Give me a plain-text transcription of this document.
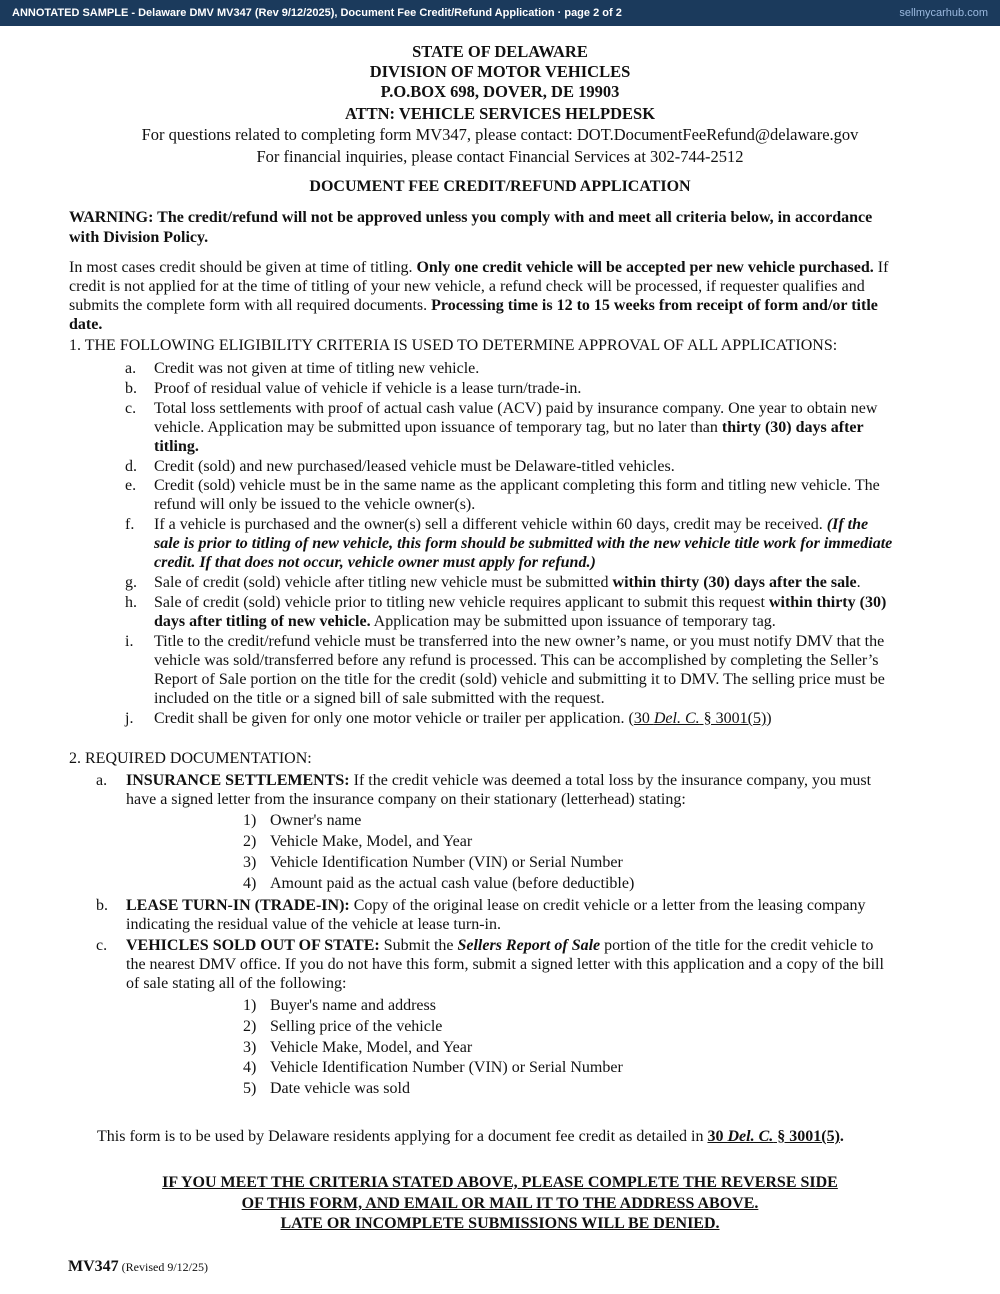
ANNOTATED SAMPLE - Delaware DMV MV347 (Rev 9/12/2025), Document Fee Credit/Refund Application · page 2 of 2	sellmycarhub.com
STATE OF DELAWARE
DIVISION OF MOTOR VEHICLES
P.O.BOX 698, DOVER, DE 19903
ATTN: VEHICLE SERVICES HELPDESK
For questions related to completing form MV347, please contact: DOT.DocumentFeeRefund@delaware.gov
For financial inquiries, please contact Financial Services at 302-744-2512
DOCUMENT FEE CREDIT/REFUND APPLICATION
WARNING: The credit/refund will not be approved unless you comply with and meet all criteria below, in accordance
with Division Policy.
In most cases credit should be given at time of titling. Only one credit vehicle will be accepted per new vehicle purchased. If
credit is not applied for at the time of titling of your new vehicle, a refund check will be processed, if requester qualifies and
submits the complete form with all required documents. Processing time is 12 to 15 weeks from receipt of form and/or title
date.
1. THE FOLLOWING ELIGIBILITY CRITERIA IS USED TO DETERMINE APPROVAL OF ALL APPLICATIONS:
a. Credit was not given at time of titling new vehicle.
b. Proof of residual value of vehicle if vehicle is a lease turn/trade-in.
c. Total loss settlements with proof of actual cash value (ACV) paid by insurance company. One year to obtain new
vehicle. Application may be submitted upon issuance of temporary tag, but no later than thirty (30) days after
titling.
d. Credit (sold) and new purchased/leased vehicle must be Delaware-titled vehicles.
e. Credit (sold) vehicle must be in the same name as the applicant completing this form and titling new vehicle. The
refund will only be issued to the vehicle owner(s).
f. If a vehicle is purchased and the owner(s) sell a different vehicle within 60 days, credit may be received. (If the
sale is prior to titling of new vehicle, this form should be submitted with the new vehicle title work for immediate
credit. If that does not occur, vehicle owner must apply for refund.)
g. Sale of credit (sold) vehicle after titling new vehicle must be submitted within thirty (30) days after the sale.
h. Sale of credit (sold) vehicle prior to titling new vehicle requires applicant to submit this request within thirty (30)
days after titling of new vehicle. Application may be submitted upon issuance of temporary tag.
i. Title to the credit/refund vehicle must be transferred into the new owner’s name, or you must notify DMV that the
vehicle was sold/transferred before any refund is processed. This can be accomplished by completing the Seller’s
Report of Sale portion on the title for the credit (sold) vehicle and submitting it to DMV. The selling price must be
included on the title or a signed bill of sale submitted with the request.
j. Credit shall be given for only one motor vehicle or trailer per application. (30 Del. C. § 3001(5))
2. REQUIRED DOCUMENTATION:
a. INSURANCE SETTLEMENTS: If the credit vehicle was deemed a total loss by the insurance company, you must
have a signed letter from the insurance company on their stationary (letterhead) stating:
1) Owner's name
2) Vehicle Make, Model, and Year
3) Vehicle Identification Number (VIN) or Serial Number
4) Amount paid as the actual cash value (before deductible)
b. LEASE TURN-IN (TRADE-IN): Copy of the original lease on credit vehicle or a letter from the leasing company
indicating the residual value of the vehicle at lease turn-in.
c. VEHICLES SOLD OUT OF STATE: Submit the Sellers Report of Sale portion of the title for the credit vehicle to
the nearest DMV office. If you do not have this form, submit a signed letter with this application and a copy of the bill
of sale stating all of the following:
1) Buyer's name and address
2) Selling price of the vehicle
3) Vehicle Make, Model, and Year
4) Vehicle Identification Number (VIN) or Serial Number
5) Date vehicle was sold
This form is to be used by Delaware residents applying for a document fee credit as detailed in 30 Del. C. § 3001(5).
IF YOU MEET THE CRITERIA STATED ABOVE, PLEASE COMPLETE THE REVERSE SIDE
OF THIS FORM, AND EMAIL OR MAIL IT TO THE ADDRESS ABOVE.
LATE OR INCOMPLETE SUBMISSIONS WILL BE DENIED.
MV347 (Revised 9/12/25)
